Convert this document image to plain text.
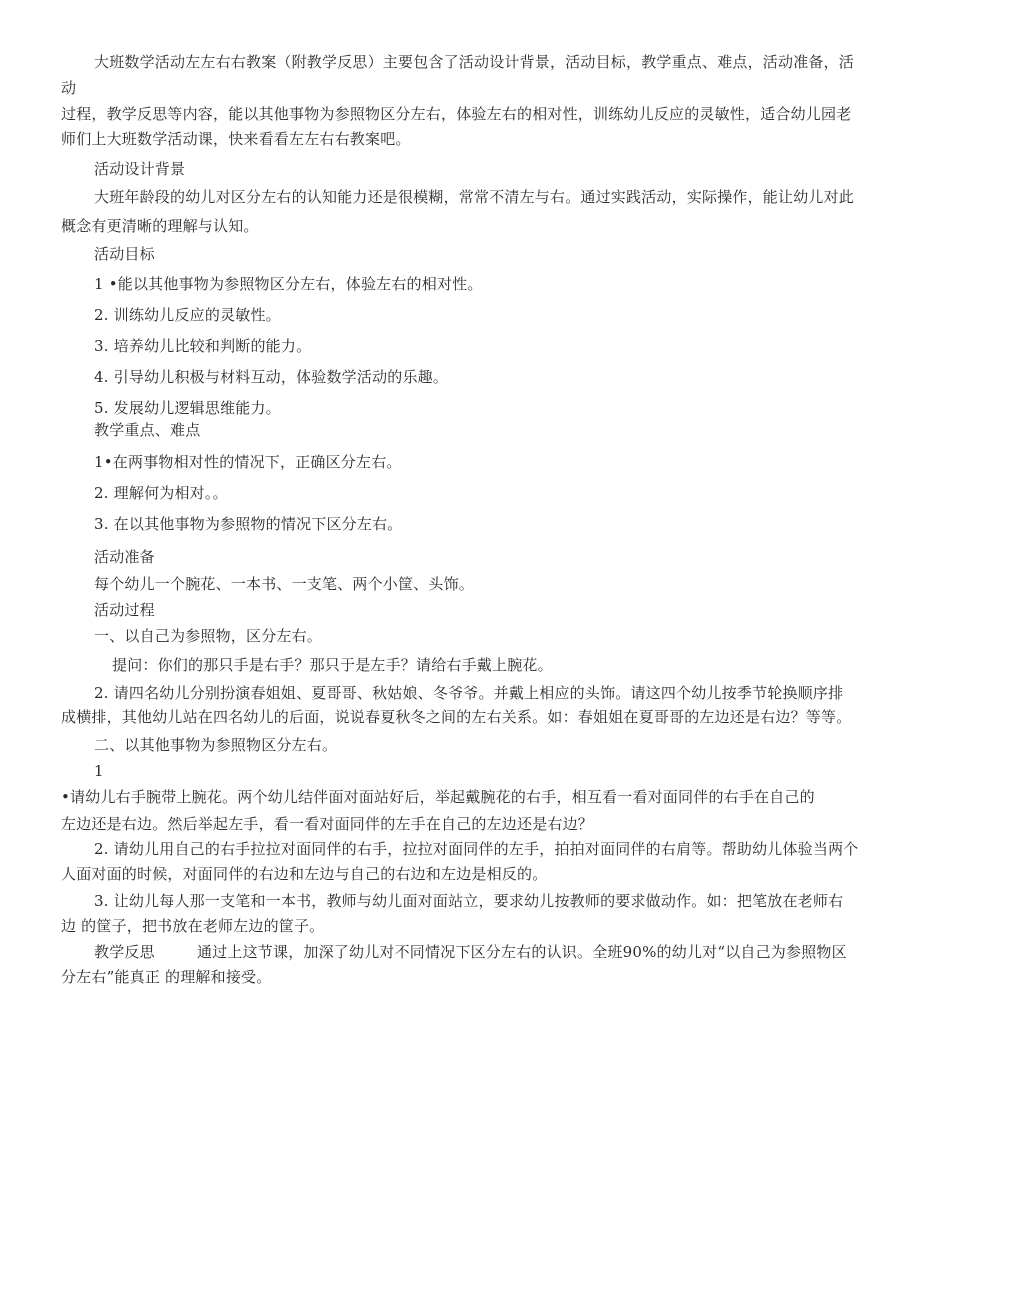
大班数学活动左左右右教案（附教学反思）主要包含了活动设计背景，活动目标，教学重点、难点，活动准备，活
动
过程，教学反思等内容，能以其他事物为参照物区分左右，体验左右的相对性，训练幼儿反应的灵敏性，适合幼儿园老
师们上大班数学活动课，快来看看左左右右教案吧。
活动设计背景
大班年龄段的幼儿对区分左右的认知能力还是很模糊，常常不清左与右。通过实践活动，实际操作，能让幼儿对此
概念有更清晰的理解与认知。
活动目标
1 •能以其他事物为参照物区分左右，体验左右的相对性。
2. 训练幼儿反应的灵敏性。
3. 培养幼儿比较和判断的能力。
4. 引导幼儿积极与材料互动，体验数学活动的乐趣。
5. 发展幼儿逻辑思维能力。
教学重点、难点
1•在两事物相对性的情况下，正确区分左右。
2. 理解何为相对。。
3. 在以其他事物为参照物的情况下区分左右。
活动准备
每个幼儿一个腕花、一本书、一支笔、两个小筐、头饰。
活动过程
一、以自己为参照物，区分左右。
提问：你们的那只手是右手？那只于是左手？请给右手戴上腕花。
2. 请四名幼儿分别扮演春姐姐、夏哥哥、秋姑娘、冬爷爷。并戴上相应的头饰。请这四个幼儿按季节轮换顺序排
成横排，其他幼儿站在四名幼儿的后面，说说春夏秋冬之间的左右关系。如：春姐姐在夏哥哥的左边还是右边？等等。
二、以其他事物为参照物区分左右。
1
•请幼儿右手腕带上腕花。两个幼儿结伴面对面站好后，举起戴腕花的右手，相互看一看对面同伴的右手在自己的
左边还是右边。然后举起左手，看一看对面同伴的左手在自己的左边还是右边？
2. 请幼儿用自己的右手拉拉对面同伴的右手，拉拉对面同伴的左手，拍拍对面同伴的右肩等。帮助幼儿体验当两个
人面对面的时候，对面同伴的右边和左边与自己的右边和左边是相反的。
3. 让幼儿每人那一支笔和一本书，教师与幼儿面对面站立，要求幼儿按教师的要求做动作。如：把笔放在老师右
边 的筐子，把书放在老师左边的筐子。
教学反思	通过上这节课，加深了幼儿对不同情况下区分左右的认识。全班90%的幼儿对“以自己为参照物区
分左右”能真正 的理解和接受。
